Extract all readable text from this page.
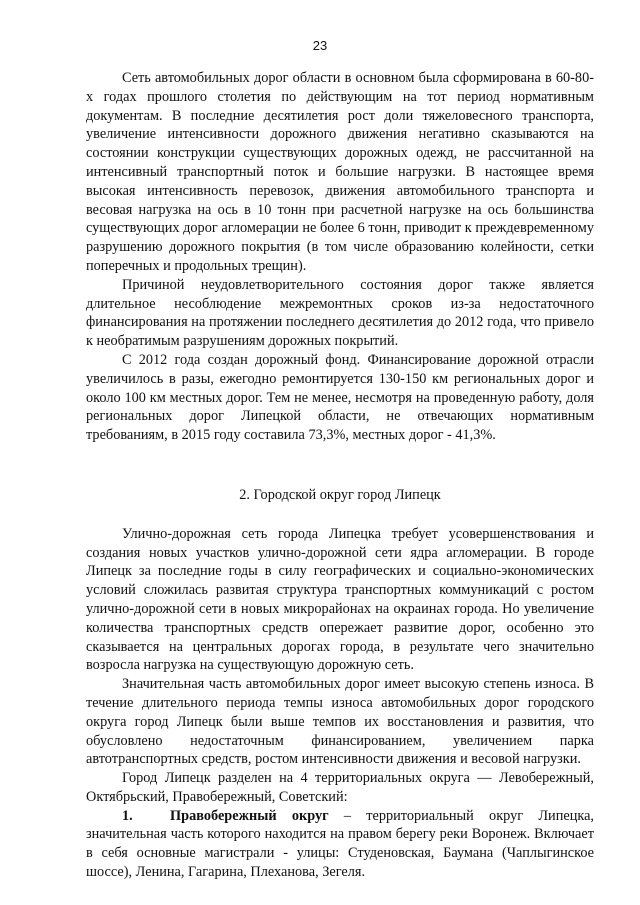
23

Сеть автомобильных дорог области в основном была сформирована в 60-80-х годах прошлого столетия по действующим на тот период нормативным документам. В последние десятилетия рост доли тяжеловесного транспорта, увеличение интенсивности дорожного движения негативно сказываются на состоянии конструкции существующих дорожных одежд, не рассчитанной на интенсивный транспортный поток и большие нагрузки. В настоящее время высокая интенсивность перевозок, движения автомобильного транспорта и весовая нагрузка на ось в 10 тонн при расчетной нагрузке на ось большинства существующих дорог агломерации не более 6 тонн, приводит к преждевременному разрушению дорожного покрытия (в том числе образованию колейности, сетки поперечных и продольных трещин).

Причиной неудовлетворительного состояния дорог также является длительное несоблюдение межремонтных сроков из-за недостаточного финансирования на протяжении последнего десятилетия до 2012 года, что привело к необратимым разрушениям дорожных покрытий.

С 2012 года создан дорожный фонд. Финансирование дорожной отрасли увеличилось в разы, ежегодно ремонтируется 130-150 км региональных дорог и около 100 км местных дорог. Тем не менее, несмотря на проведенную работу, доля региональных дорог Липецкой области, не отвечающих нормативным требованиям, в 2015 году составила 73,3%, местных дорог - 41,3%.

2. Городской округ город Липецк

Улично-дорожная сеть города Липецка требует усовершенствования и создания новых участков улично-дорожной сети ядра агломерации. В городе Липецк за последние годы в силу географических и социально-экономических условий сложилась развитая структура транспортных коммуникаций с ростом улично-дорожной сети в новых микрорайонах на окраинах города. Но увеличение количества транспортных средств опережает развитие дорог, особенно это сказывается на центральных дорогах города, в результате чего значительно возросла нагрузка на существующую дорожную сеть.

Значительная часть автомобильных дорог имеет высокую степень износа. В течение длительного периода темпы износа автомобильных дорог городского округа город Липецк были выше темпов их восстановления и развития, что обусловлено недостаточным финансированием, увеличением парка автотранспортных средств, ростом интенсивности движения и весовой нагрузки.

Город Липецк разделен на 4 территориальных округа — Левобережный, Октябрьский, Правобережный, Советский:

1.	Правобережный округ – территориальный округ Липецка, значительная часть которого находится на правом берегу реки Воронеж. Включает в себя основные магистрали - улицы: Студеновская, Баумана (Чаплыгинское шоссе), Ленина, Гагарина, Плеханова, Зегеля.
